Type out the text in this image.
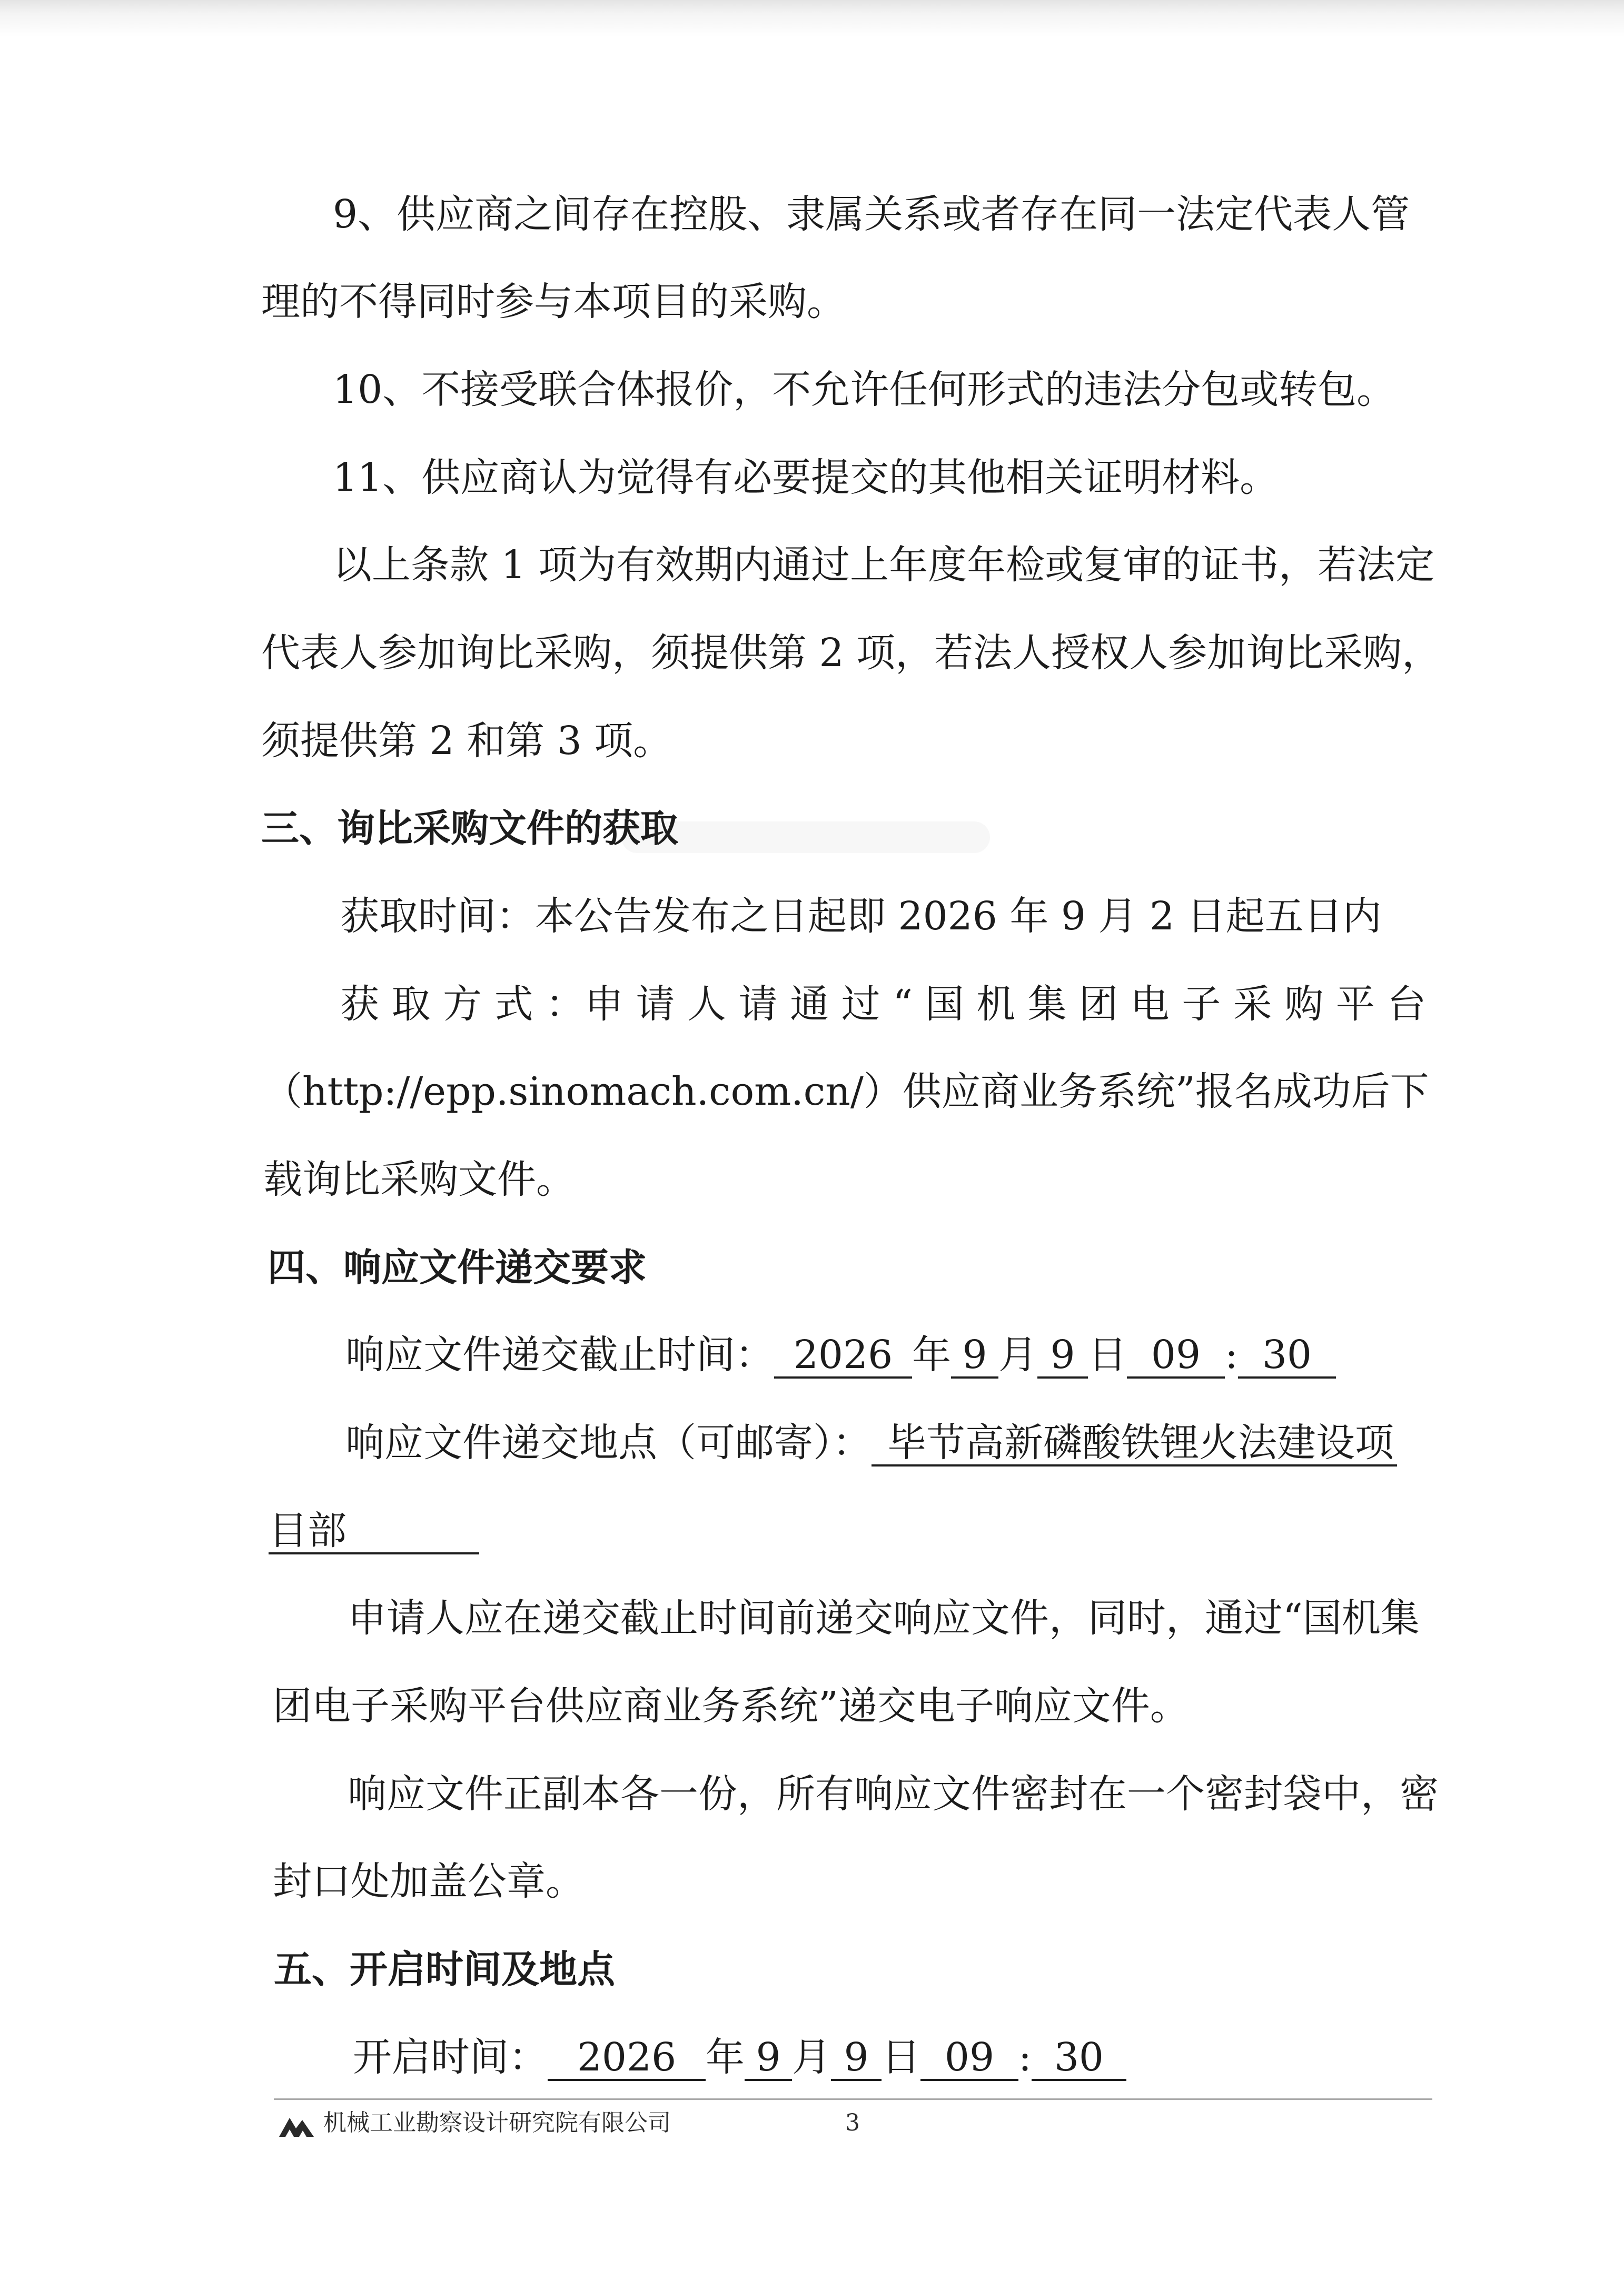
9、供应商之间存在控股、隶属关系或者存在同一法定代表人管
理的不得同时参与本项目的采购。
10、不接受联合体报价，不允许任何形式的违法分包或转包。
11、供应商认为觉得有必要提交的其他相关证明材料。
以上条款 1 项为有效期内通过上年度年检或复审的证书，若法定
代表人参加询比采购，须提供第 2 项，若法人授权人参加询比采购，
须提供第 2 和第 3 项。
三、询比采购文件的获取
获取时间：本公告发布之日起即 2026 年 9 月 2 日起五日内
获 取 方 式 ：申 请 人 请 通 过 “ 国 机 集 团 电 子 采 购 平 台
（http://epp.sinomach.com.cn/）供应商业务系统”报名成功后下
载询比采购文件。
四、响应文件递交要求
响应文件递交截止时间： 2026 年 9 月 9 日 09 : 30
响应文件递交地点（可邮寄）： 毕节高新磷酸铁锂火法建设项
目部
申请人应在递交截止时间前递交响应文件，同时，通过“国机集
团电子采购平台供应商业务系统”递交电子响应文件。
响应文件正副本各一份，所有响应文件密封在一个密封袋中，密
封口处加盖公章。
五、开启时间及地点
开启时间： 2026 年 9 月 9 日 09 : 30
机械工业勘察设计研究院有限公司	3
